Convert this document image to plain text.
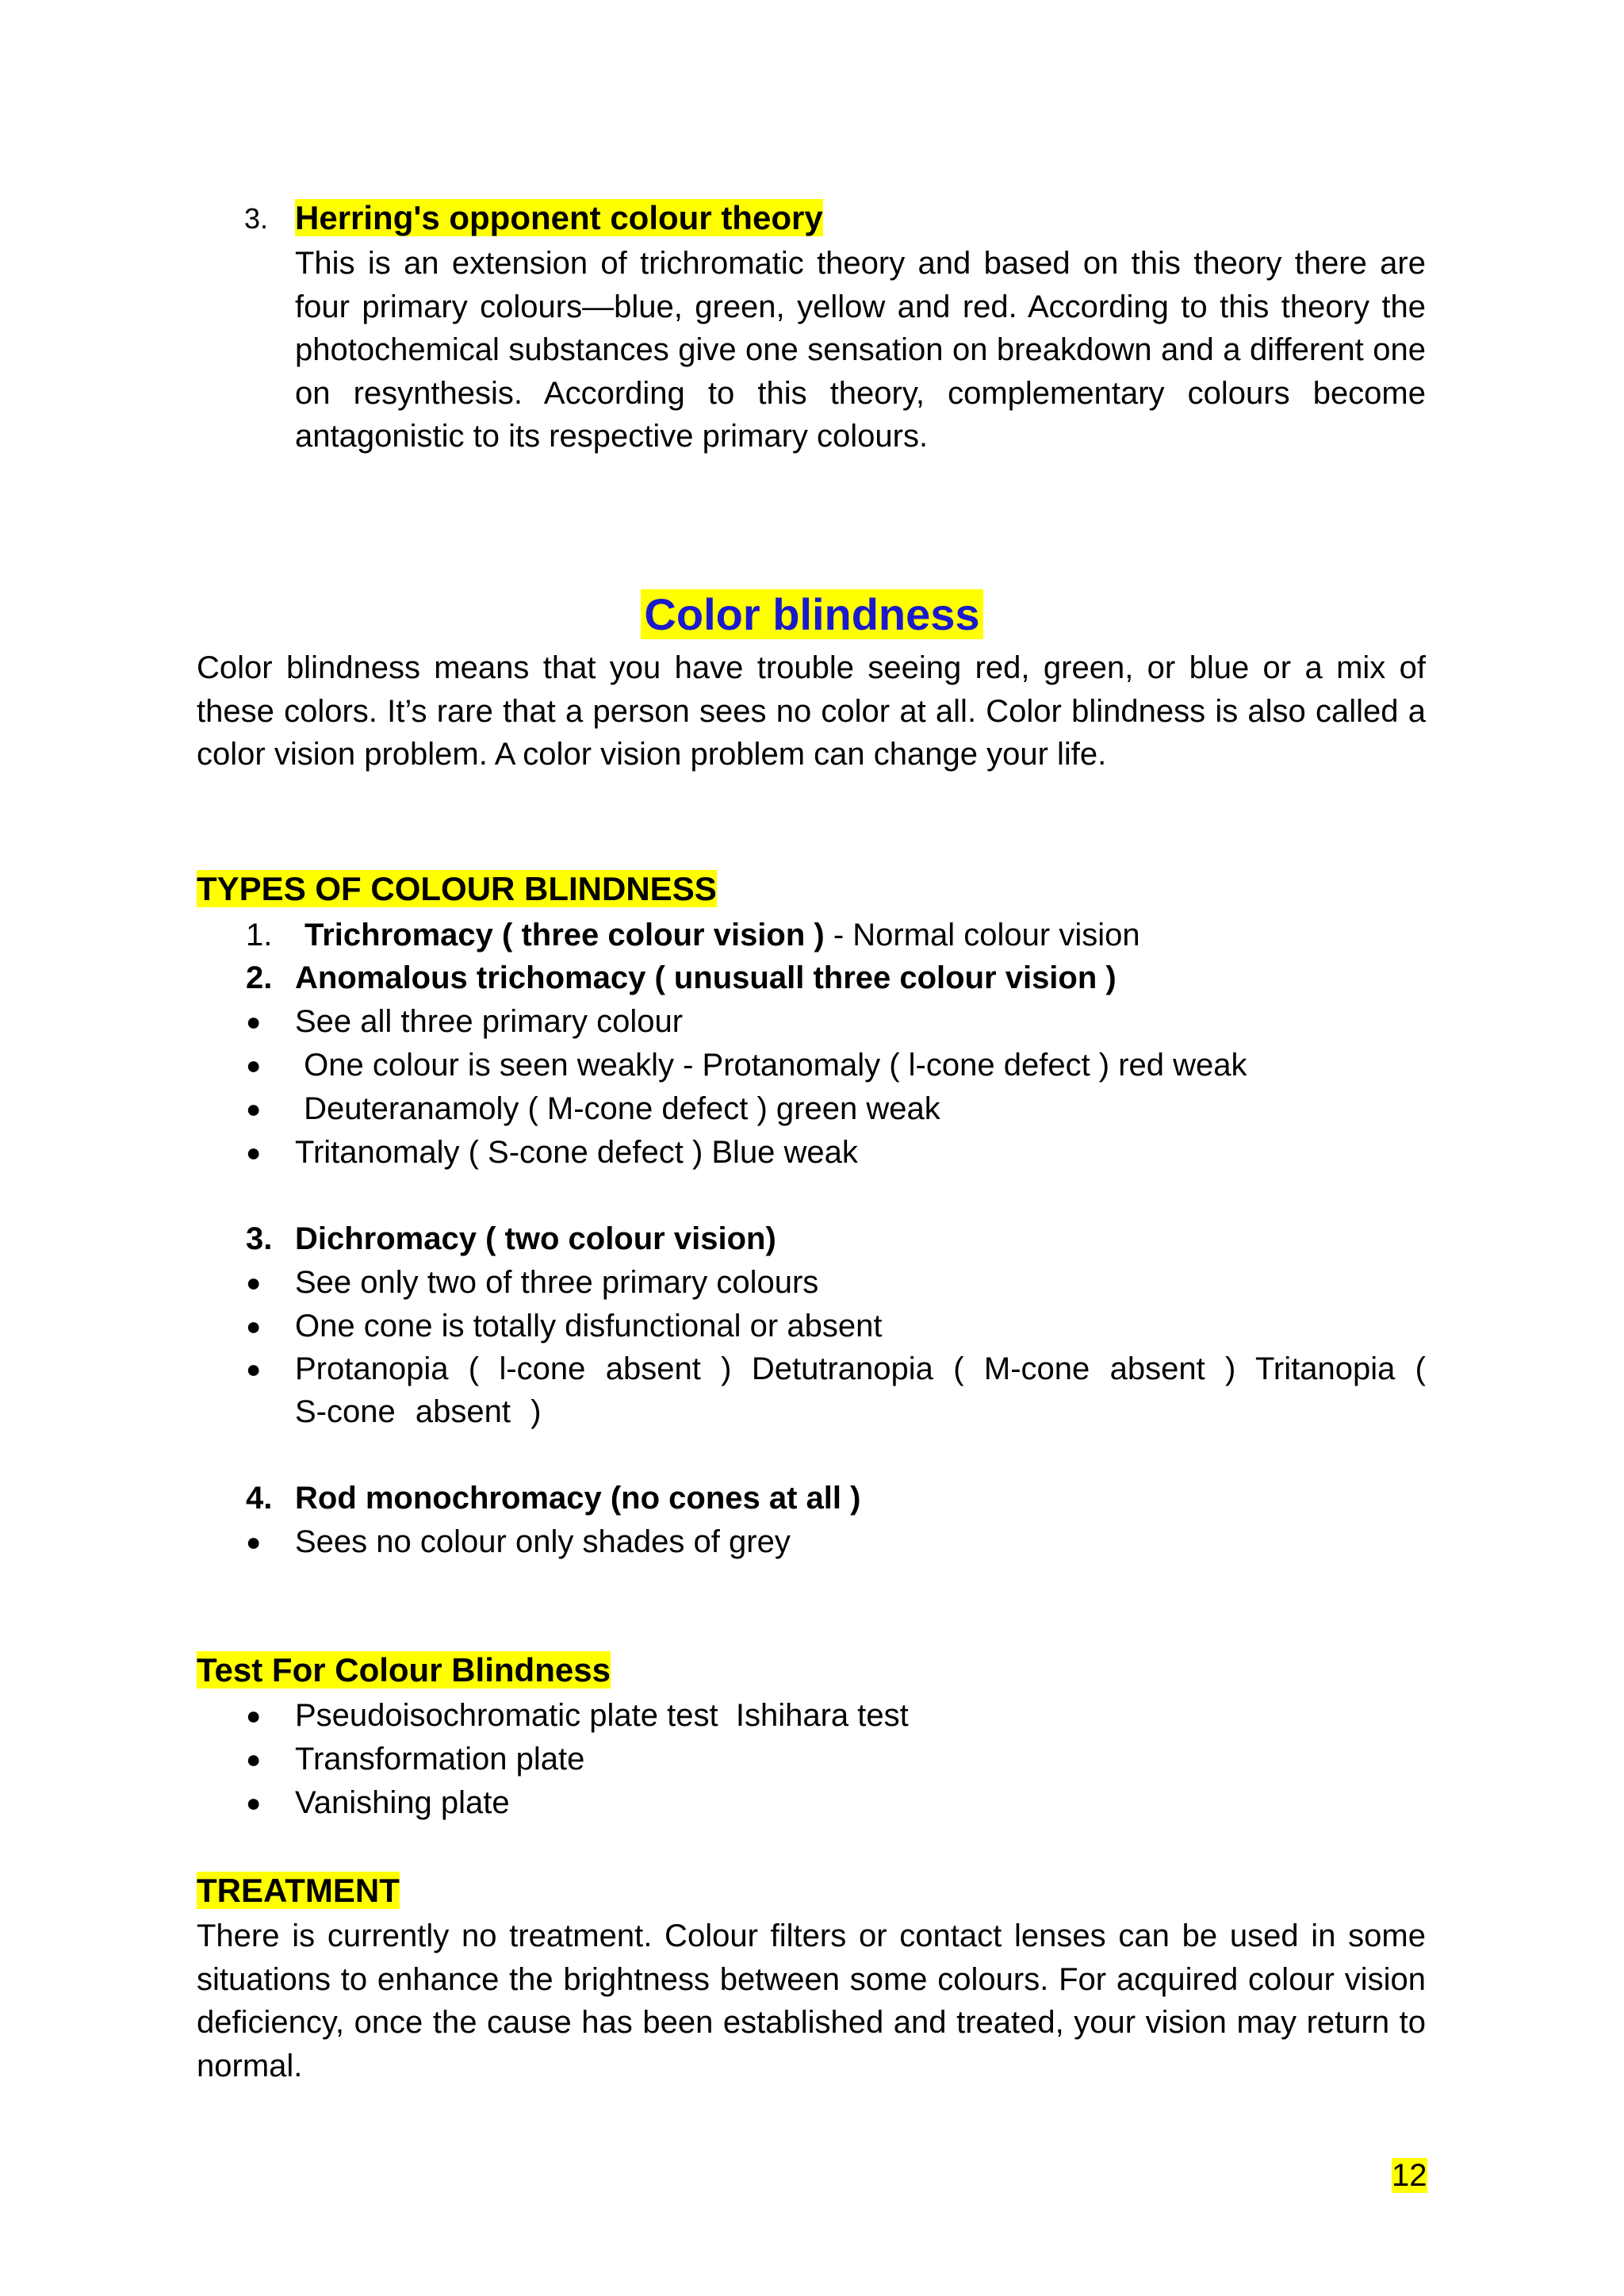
3. Herring's opponent colour theory
This is an extension of trichromatic theory and based on this theory there are four primary colours—blue, green, yellow and red. According to this theory the photochemical substances give one sensation on breakdown and a different one on resynthesis. According to this theory, complementary colours become antagonistic to its respective primary colours.
Color blindness
Color blindness means that you have trouble seeing red, green, or blue or a mix of these colors. It’s rare that a person sees no color at all. Color blindness is also called a color vision problem. A color vision problem can change your life.
TYPES OF COLOUR BLINDNESS
1. Trichromacy ( three colour vision ) - Normal colour vision
2. Anomalous trichomacy ( unusuall three colour vision )
● See all three primary colour
● One colour is seen weakly - Protanomaly ( l-cone defect ) red weak
● Deuteranamoly ( M-cone defect ) green weak
● Tritanomaly ( S-cone defect ) Blue weak
3. Dichromacy ( two colour vision)
● See only two of three primary colours
● One cone is totally disfunctional or absent
● Protanopia ( l-cone absent ) Detutranopia ( M-cone absent ) Tritanopia ( S-cone absent )
4. Rod monochromacy (no cones at all )
● Sees no colour only shades of grey
Test For Colour Blindness
● Pseudoisochromatic plate test  Ishihara test
● Transformation plate
● Vanishing plate
TREATMENT
There is currently no treatment. Colour filters or contact lenses can be used in some situations to enhance the brightness between some colours. For acquired colour vision deficiency, once the cause has been established and treated, your vision may return to normal.
12
